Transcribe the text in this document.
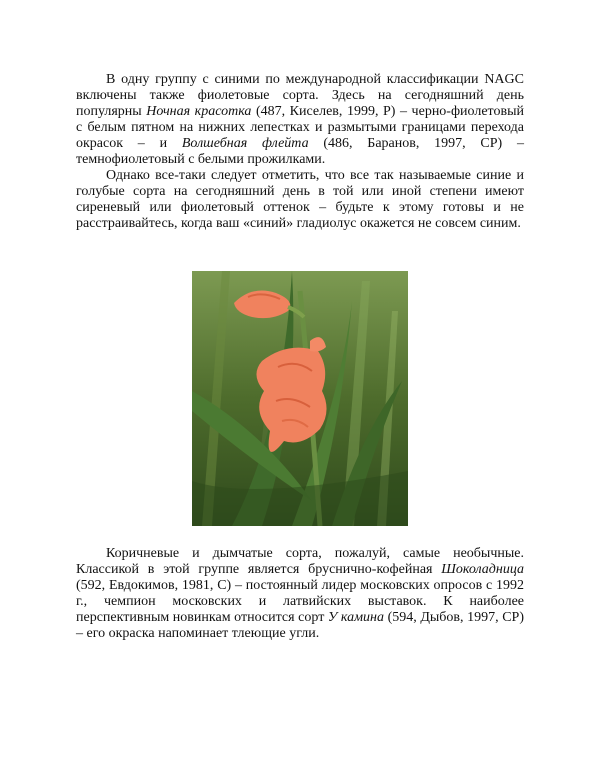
В одну группу с синими по международной классификации NAGC включены также фиолетовые сорта. Здесь на сегодняшний день популярны Ночная красотка (487, Киселев, 1999, Р) – черно-фиолетовый с белым пятном на нижних лепестках и размытыми границами перехода окрасок – и Волшебная флейта (486, Баранов, 1997, СР) – темнофиолетовый с белыми прожилками.

Однако все-таки следует отметить, что все так называемые синие и голубые сорта на сегодняшний день в той или иной степени имеют сиреневый или фиолетовый оттенок – будьте к этому готовы и не расстраивайтесь, когда ваш «синий» гладиолус окажется не совсем синим.

Коричневые и дымчатые сорта, пожалуй, самые необычные. Классикой в этой группе является бруснично-кофейная Шоколадница (592, Евдокимов, 1981, С) – постоянный лидер московских опросов с 1992 г., чемпион московских и латвийских выставок. К наиболее перспективным новинкам относится сорт У камина (594, Дыбов, 1997, СР) – его окраска напоминает тлеющие угли.
